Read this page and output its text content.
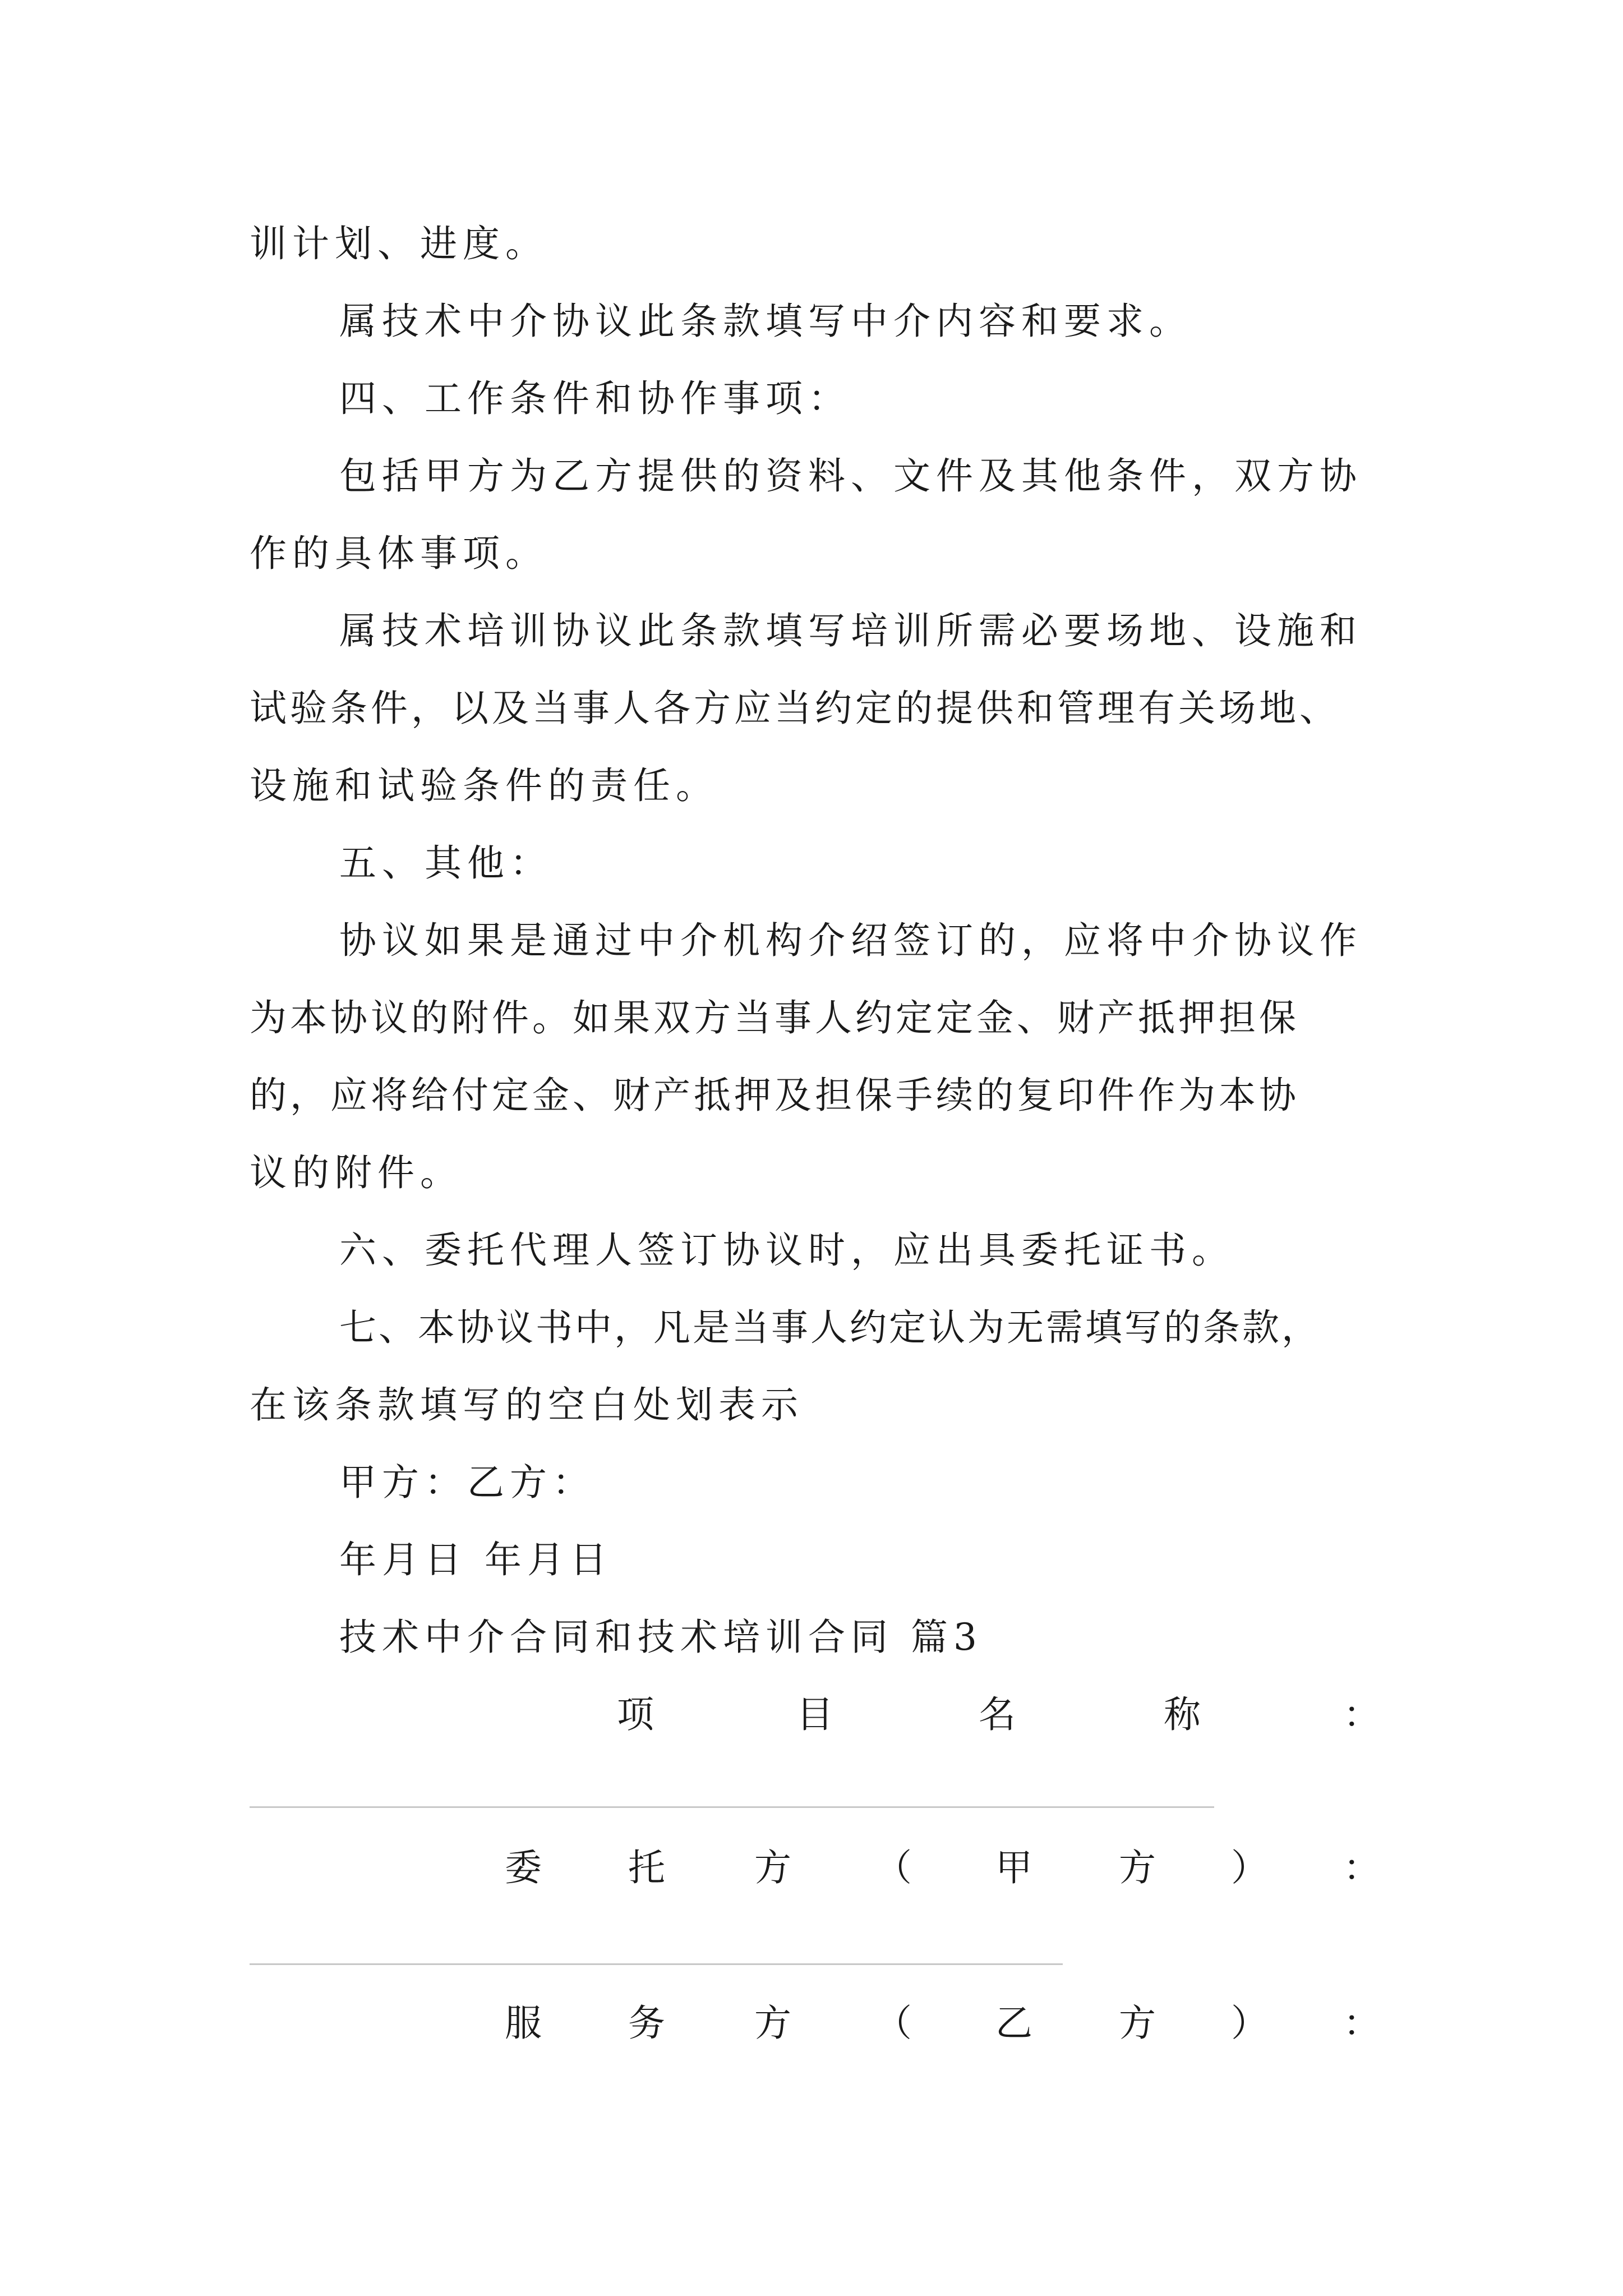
训计划、进度。
属技术中介协议此条款填写中介内容和要求。
四、工作条件和协作事项：
包括甲方为乙方提供的资料、文件及其他条件，双方协
作的具体事项。
属技术培训协议此条款填写培训所需必要场地、设施和
试验条件，以及当事人各方应当约定的提供和管理有关场地、
设施和试验条件的责任。
五、其他：
协议如果是通过中介机构介绍签订的，应将中介协议作
为本协议的附件。如果双方当事人约定定金、财产抵押担保
的，应将给付定金、财产抵押及担保手续的复印件作为本协
议的附件。
六、委托代理人签订协议时，应出具委托证书。
七、本协议书中，凡是当事人约定认为无需填写的条款，
在该条款填写的空白处划表示
甲方：乙方：
年月日 年月日
技术中介合同和技术培训合同 篇3
项	目	名	称	：
委 托 方 （ 甲 方 ） ：
服 务 方 （ 乙 方 ） ：
